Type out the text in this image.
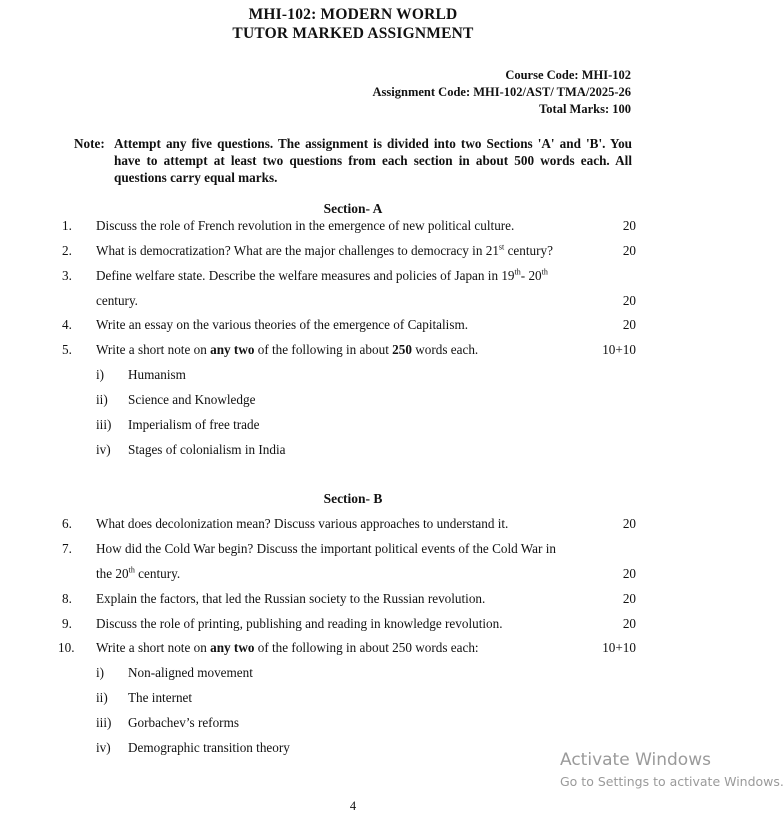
MHI-102: MODERN WORLD
TUTOR MARKED ASSIGNMENT
Course Code: MHI-102
Assignment Code: MHI-102/AST/ TMA/2025-26
Total Marks: 100
Note: Attempt any five questions. The assignment is divided into two Sections 'A' and 'B'. You have to attempt at least two questions from each section in about 500 words each. All questions carry equal marks.
Section- A
1. Discuss the role of French revolution in the emergence of new political culture.	20
2. What is democratization? What are the major challenges to democracy in 21st century?	20
3. Define welfare state. Describe the welfare measures and policies of Japan in 19th- 20th
century.	20
4. Write an essay on the various theories of the emergence of Capitalism.	20
5. Write a short note on any two of the following in about 250 words each.	10+10
i) Humanism
ii) Science and Knowledge
iii) Imperialism of free trade
iv) Stages of colonialism in India
Section- B
6. What does decolonization mean? Discuss various approaches to understand it.	20
7. How did the Cold War begin? Discuss the important political events of the Cold War in
the 20th century.	20
8. Explain the factors, that led the Russian society to the Russian revolution.	20
9. Discuss the role of printing, publishing and reading in knowledge revolution.	20
10. Write a short note on any two of the following in about 250 words each:	10+10
i) Non-aligned movement
ii) The internet
iii) Gorbachev’s reforms
iv) Demographic transition theory
Activate Windows
Go to Settings to activate Windows.
4
